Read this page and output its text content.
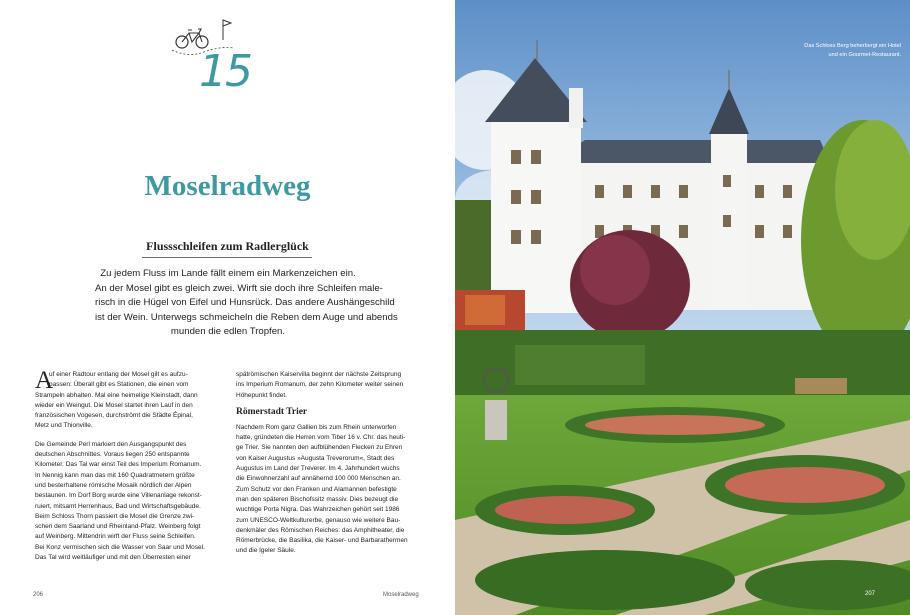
15
Moselradweg
Flussschleifen zum Radlerglück
Zu jedem Fluss im Lande fällt einem ein Markenzeichen ein.
An der Mosel gibt es gleich zwei. Wirft sie doch ihre Schleifen male-
risch in die Hügel von Eifel und Hunsrück. Das andere Aushängeschild
ist der Wein. Unterwegs schmeicheln die Reben dem Auge und abends
munden die edlen Tropfen.
A
uf einer Radtour entlang der Mosel gilt es aufzu-
passen: Überall gibt es Stationen, die einen vom
Strampeln abhalten. Mal eine heimelige Kleinstadt, dann
wieder ein Weingut. Die Mosel startet ihren Lauf in den
französischen Vogesen, durchströmt die Städte Épinal,
Metz und Thionville.
Die Gemeinde Perl markiert den Ausgangspunkt des
deutschen Abschnittes. Voraus liegen 250 entspannte
Kilometer. Das Tal war einst Teil des Imperium Romanum.
In Nennig kann man das mit 160 Quadratmetern größte
und besterhaltene römische Mosaik nördlich der Alpen
bestaunen. Im Dorf Borg wurde eine Villenanlage rekonst-
ruiert, mitsamt Herrenhaus, Bad und Wirtschaftsgebäude.
Beim Schloss Thorn passiert die Mosel die Grenze zwi-
schen dem Saarland und Rheinland-Pfalz. Weinberg folgt
auf Weinberg. Mittendrin wirft der Fluss seine Schleifen.
Bei Konz vermischen sich die Wasser von Saar und Mosel.
Das Tal wird weitläufiger und mit den Überresten einer
spätrömischen Kaiservilla beginnt der nächste Zeitsprung
ins Imperium Romanum, der zehn Kilometer weiter seinen
Höhepunkt findet.
Römerstadt Trier
Nachdem Rom ganz Gallien bis zum Rhein unterworfen
hatte, gründeten die Herren vom Tiber 16 v. Chr. das heuti-
ge Trier. Sie nannten den aufblühenden Flecken zu Ehren
von Kaiser Augustus »Augusta Treverorum«, Stadt des
Augustus im Land der Treverer. Im 4. Jahrhundert wuchs
die Einwohnerzahl auf annähernd 100 000 Menschen an.
Zum Schutz vor den Franken und Alamannen befestigte
man den späteren Bischofssitz massiv. Dies bezeugt die
wuchtige Porta Nigra. Das Wahrzeichen gehört seit 1986
zum UNESCO-Weltkulturerbe, genauso wie weitere Bau-
denkmäler des Römischen Reiches: das Amphitheater, die
Römerbrücke, die Basilika, die Kaiser- und Barbarathermen
und die Igeler Säule.
206	Moselradweg
Das Schloss Berg beherbergt ein Hotel
und ein Gourmet-Restaurant.
207
